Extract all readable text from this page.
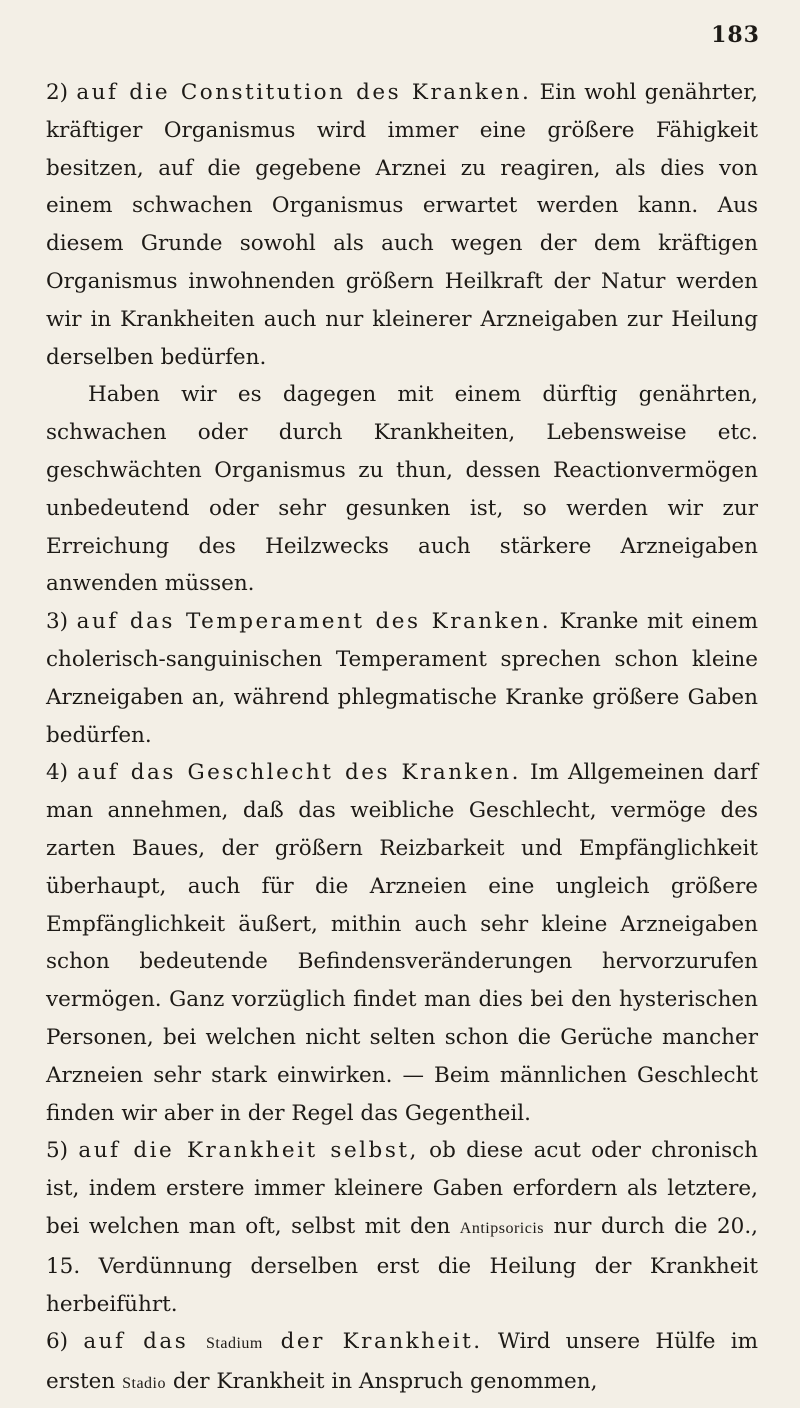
183

2) auf die Constitution des Kranken. Ein wohl genährter, kräftiger Organismus wird immer eine größere Fähigkeit besitzen, auf die gegebene Arznei zu reagiren, als dies von einem schwachen Organismus erwartet werden kann. Aus diesem Grunde sowohl als auch wegen der dem kräftigen Organismus inwohnenden größern Heilkraft der Natur werden wir in Krankheiten auch nur kleinerer Arzneigaben zur Heilung derselben bedürfen.

Haben wir es dagegen mit einem dürftig genährten, schwachen oder durch Krankheiten, Lebensweise etc. geschwächten Organismus zu thun, dessen Reactionvermögen unbedeutend oder sehr gesunken ist, so werden wir zur Erreichung des Heilzwecks auch stärkere Arzneigaben anwenden müssen.

3) auf das Temperament des Kranken. Kranke mit einem cholerisch-sanguinischen Temperament sprechen schon kleine Arzneigaben an, während phlegmatische Kranke größere Gaben bedürfen.

4) auf das Geschlecht des Kranken. Im Allgemeinen darf man annehmen, daß das weibliche Geschlecht, vermöge des zarten Baues, der größern Reizbarkeit und Empfänglichkeit überhaupt, auch für die Arzneien eine ungleich größere Empfänglichkeit äußert, mithin auch sehr kleine Arzneigaben schon bedeutende Befindensveränderungen hervorzurufen vermögen. Ganz vorzüglich findet man dies bei den hysterischen Personen, bei welchen nicht selten schon die Gerüche mancher Arzneien sehr stark einwirken. — Beim männlichen Geschlecht finden wir aber in der Regel das Gegentheil.

5) auf die Krankheit selbst, ob diese acut oder chronisch ist, indem erstere immer kleinere Gaben erfordern als letztere, bei welchen man oft, selbst mit den Antipsoricis nur durch die 20., 15. Verdünnung derselben erst die Heilung der Krankheit herbeiführt.

6) auf das Stadium der Krankheit. Wird unsere Hülfe im ersten Stadio der Krankheit in Anspruch genommen,
